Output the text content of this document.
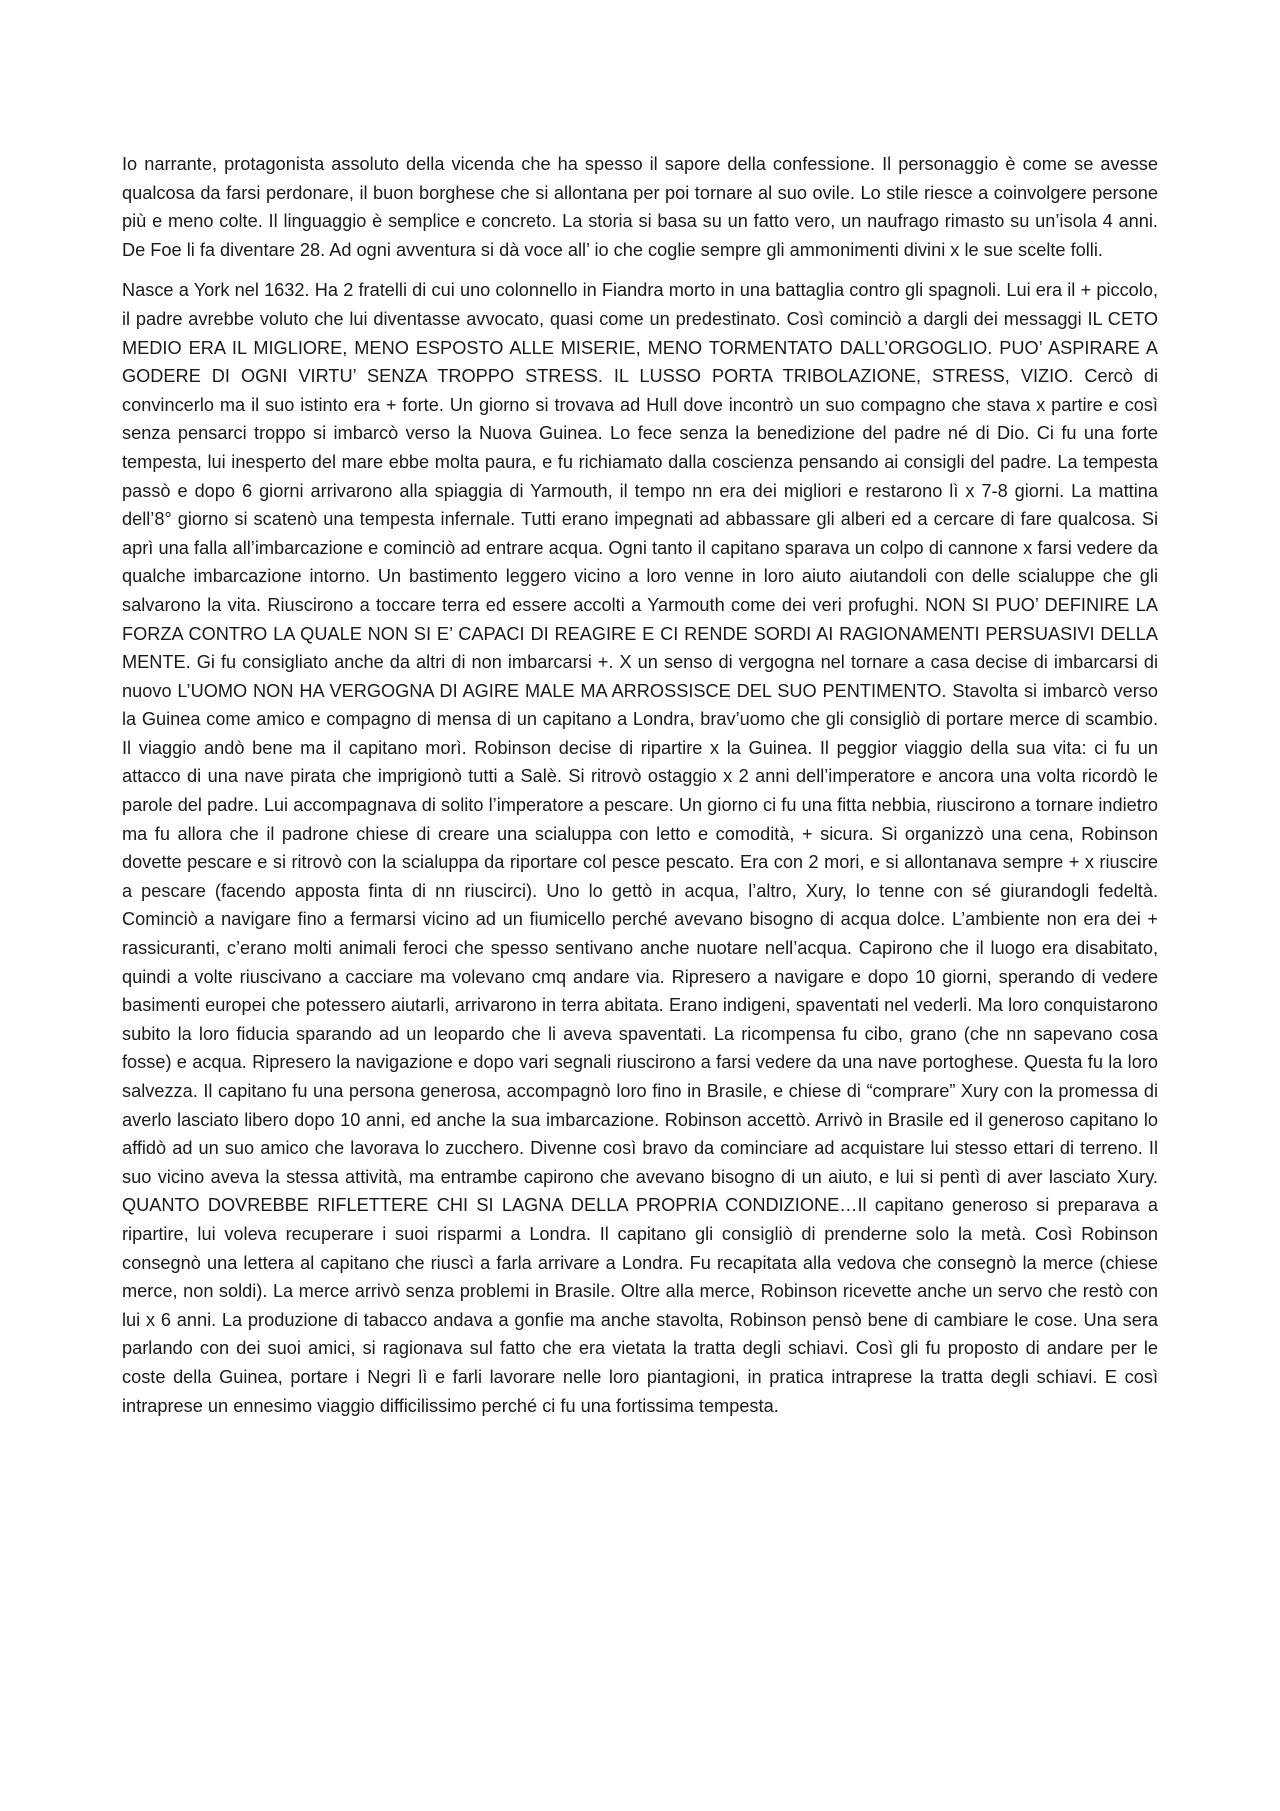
Io narrante, protagonista assoluto della vicenda che ha spesso il sapore della confessione. Il personaggio è come se avesse qualcosa da farsi perdonare, il buon borghese che si allontana per poi tornare al suo ovile. Lo stile riesce a coinvolgere persone più e meno colte. Il linguaggio è semplice e concreto. La storia si basa su un fatto vero, un naufrago rimasto su un’isola 4 anni. De Foe li fa diventare 28. Ad ogni avventura si dà voce all’ io che coglie sempre gli ammonimenti divini x le sue scelte folli.

Nasce a York nel 1632. Ha 2 fratelli di cui uno colonnello in Fiandra morto in una battaglia contro gli spagnoli. Lui era il + piccolo, il padre avrebbe voluto che lui diventasse avvocato, quasi come un predestinato. Così cominciò a dargli dei messaggi IL CETO MEDIO ERA IL MIGLIORE, MENO ESPOSTO ALLE MISERIE, MENO TORMENTATO DALL’ORGOGLIO. PUO’ ASPIRARE A GODERE DI OGNI VIRTU’ SENZA TROPPO STRESS. IL LUSSO PORTA TRIBOLAZIONE, STRESS, VIZIO. Cercò di convincerlo ma il suo istinto era + forte. Un giorno si trovava ad Hull dove incontrò un suo compagno che stava x partire e così senza pensarci troppo si imbarcò verso la Nuova Guinea. Lo fece senza la benedizione del padre né di Dio. Ci fu una forte tempesta, lui inesperto del mare ebbe molta paura, e fu richiamato dalla coscienza pensando ai consigli del padre. La tempesta passò e dopo 6 giorni arrivarono alla spiaggia di Yarmouth, il tempo nn era dei migliori e restarono lì x 7-8 giorni. La mattina dell’8° giorno si scatenò una tempesta infernale. Tutti erano impegnati ad abbassare gli alberi ed a cercare di fare qualcosa. Si aprì una falla all’imbarcazione e cominciò ad entrare acqua. Ogni tanto il capitano sparava un colpo di cannone x farsi vedere da qualche imbarcazione intorno. Un bastimento leggero vicino a loro venne in loro aiuto aiutandoli con delle scialuppe che gli salvarono la vita. Riuscirono a toccare terra ed essere accolti a Yarmouth come dei veri profughi. NON SI PUO’ DEFINIRE LA FORZA CONTRO LA QUALE NON SI E’ CAPACI DI REAGIRE E CI RENDE SORDI AI RAGIONAMENTI PERSUASIVI DELLA MENTE. Gi fu consigliato anche da altri di non imbarcarsi +. X un senso di vergogna nel tornare a casa decise di imbarcarsi di nuovo L’UOMO NON HA VERGOGNA DI AGIRE MALE MA ARROSSISCE DEL SUO PENTIMENTO. Stavolta si imbarcò verso la Guinea come amico e compagno di mensa di un capitano a Londra, brav’uomo che gli consigliò di portare merce di scambio. Il viaggio andò bene ma il capitano morì. Robinson decise di ripartire x la Guinea. Il peggior viaggio della sua vita: ci fu un attacco di una nave pirata che imprigionò tutti a Salè. Si ritrovò ostaggio x 2 anni dell’imperatore e ancora una volta ricordò le parole del padre. Lui accompagnava di solito l’imperatore a pescare. Un giorno ci fu una fitta nebbia, riuscirono a tornare indietro ma fu allora che il padrone chiese di creare una scialuppa con letto e comodità, + sicura. Si organizzò una cena, Robinson dovette pescare e si ritrovò con la scialuppa da riportare col pesce pescato. Era con 2 mori, e si allontanava sempre + x riuscire a pescare (facendo apposta finta di nn riuscirci). Uno lo gettò in acqua, l’altro, Xury, lo tenne con sé giurandogli fedeltà. Cominciò a navigare fino a fermarsi vicino ad un fiumicello perché avevano bisogno di acqua dolce. L’ambiente non era dei + rassicuranti, c’erano molti animali feroci che spesso sentivano anche nuotare nell’acqua. Capirono che il luogo era disabitato, quindi a volte riuscivano a cacciare ma volevano cmq andare via. Ripresero a navigare e dopo 10 giorni, sperando di vedere basimenti europei che potessero aiutarli, arrivarono in terra abitata. Erano indigeni, spaventati nel vederli. Ma loro conquistarono subito la loro fiducia sparando ad un leopardo che li aveva spaventati. La ricompensa fu cibo, grano (che nn sapevano cosa fosse) e acqua. Ripresero la navigazione e dopo vari segnali riuscirono a farsi vedere da una nave portoghese. Questa fu la loro salvezza. Il capitano fu una persona generosa, accompagnò loro fino in Brasile, e chiese di “comprare” Xury con la promessa di averlo lasciato libero dopo 10 anni, ed anche la sua imbarcazione. Robinson accettò. Arrivò in Brasile ed il generoso capitano lo affidò ad un suo amico che lavorava lo zucchero. Divenne così bravo da cominciare ad acquistare lui stesso ettari di terreno. Il suo vicino aveva la stessa attività, ma entrambe capirono che avevano bisogno di un aiuto, e lui si pentì di aver lasciato Xury. QUANTO DOVREBBE RIFLETTERE CHI SI LAGNA DELLA PROPRIA CONDIZIONE…Il capitano generoso si preparava a ripartire, lui voleva recuperare i suoi risparmi a Londra. Il capitano gli consigliò di prenderne solo la metà. Così Robinson consegnò una lettera al capitano che riuscì a farla arrivare a Londra. Fu recapitata alla vedova che consegnò la merce (chiese merce, non soldi). La merce arrivò senza problemi in Brasile. Oltre alla merce, Robinson ricevette anche un servo che restò con lui x 6 anni. La produzione di tabacco andava a gonfie ma anche stavolta, Robinson pensò bene di cambiare le cose. Una sera parlando con dei suoi amici, si ragionava sul fatto che era vietata la tratta degli schiavi. Così gli fu proposto di andare per le coste della Guinea, portare i Negri lì e farli lavorare nelle loro piantagioni, in pratica intraprese la tratta degli schiavi. E così intraprese un ennesimo viaggio difficilissimo perché ci fu una fortissima tempesta.
